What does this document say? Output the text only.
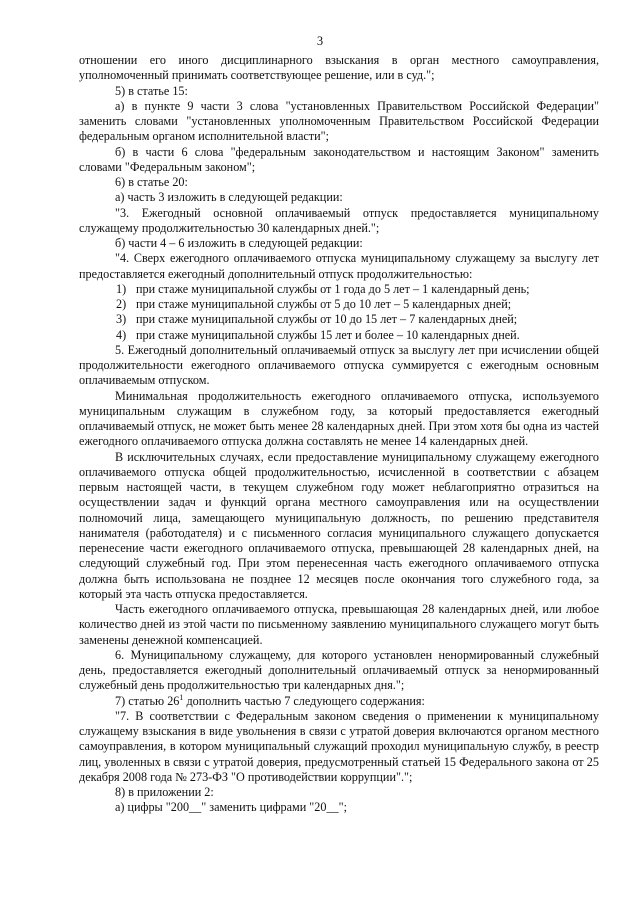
3

отношении его иного дисциплинарного взыскания в орган местного самоуправления, уполномоченный принимать соответствующее решение, или в суд.";

5) в статье 15:

а) в пункте 9 части 3 слова "установленных Правительством Российской Федерации" заменить словами "установленных уполномоченным Правительством Российской Федерации федеральным органом исполнительной власти";

б) в части 6 слова "федеральным законодательством и настоящим Законом" заменить словами "Федеральным законом";

6) в статье 20:

а) часть 3 изложить в следующей редакции:

"3. Ежегодный основной оплачиваемый отпуск предоставляется муниципальному служащему продолжительностью 30 календарных дней.";

б) части 4 – 6 изложить в следующей редакции:

"4. Сверх ежегодного оплачиваемого отпуска муниципальному служащему за выслугу лет предоставляется ежегодный дополнительный отпуск продолжительностью:

1) при стаже муниципальной службы от 1 года до 5 лет – 1 календарный день;

2) при стаже муниципальной службы от 5 до 10 лет – 5 календарных дней;

3) при стаже муниципальной службы от 10 до 15 лет – 7 календарных дней;

4) при стаже муниципальной службы 15 лет и более – 10 календарных дней.

5. Ежегодный дополнительный оплачиваемый отпуск за выслугу лет при исчислении общей продолжительности ежегодного оплачиваемого отпуска суммируется с ежегодным основным оплачиваемым отпуском.

Минимальная продолжительность ежегодного оплачиваемого отпуска, используемого муниципальным служащим в служебном году, за который предоставляется ежегодный оплачиваемый отпуск, не может быть менее 28 календарных дней. При этом хотя бы одна из частей ежегодного оплачиваемого отпуска должна составлять не менее 14 календарных дней.

В исключительных случаях, если предоставление муниципальному служащему ежегодного оплачиваемого отпуска общей продолжительностью, исчисленной в соответствии с абзацем первым настоящей части, в текущем служебном году может неблагоприятно отразиться на осуществлении задач и функций органа местного самоуправления или на осуществлении полномочий лица, замещающего муниципальную должность, по решению представителя нанимателя (работодателя) и с письменного согласия муниципального служащего допускается перенесение части ежегодного оплачиваемого отпуска, превышающей 28 календарных дней, на следующий служебный год. При этом перенесенная часть ежегодного оплачиваемого отпуска должна быть использована не позднее 12 месяцев после окончания того служебного года, за который эта часть отпуска предоставляется.

Часть ежегодного оплачиваемого отпуска, превышающая 28 календарных дней, или любое количество дней из этой части по письменному заявлению муниципального служащего могут быть заменены денежной компенсацией.

6. Муниципальному служащему, для которого установлен ненормированный служебный день, предоставляется ежегодный дополнительный оплачиваемый отпуск за ненормированный служебный день продолжительностью три календарных дня.";

7) статью $26^1$ дополнить частью 7 следующего содержания:

"7. В соответствии с Федеральным законом сведения о применении к муниципальному служащему взыскания в виде увольнения в связи с утратой доверия включаются органом местного самоуправления, в котором муниципальный служащий проходил муниципальную службу, в реестр лиц, уволенных в связи с утратой доверия, предусмотренный статьей 15 Федерального закона от 25 декабря 2008 года № 273-ФЗ "О противодействии коррупции".";

8) в приложении 2:

а) цифры "200__" заменить цифрами "20__";
